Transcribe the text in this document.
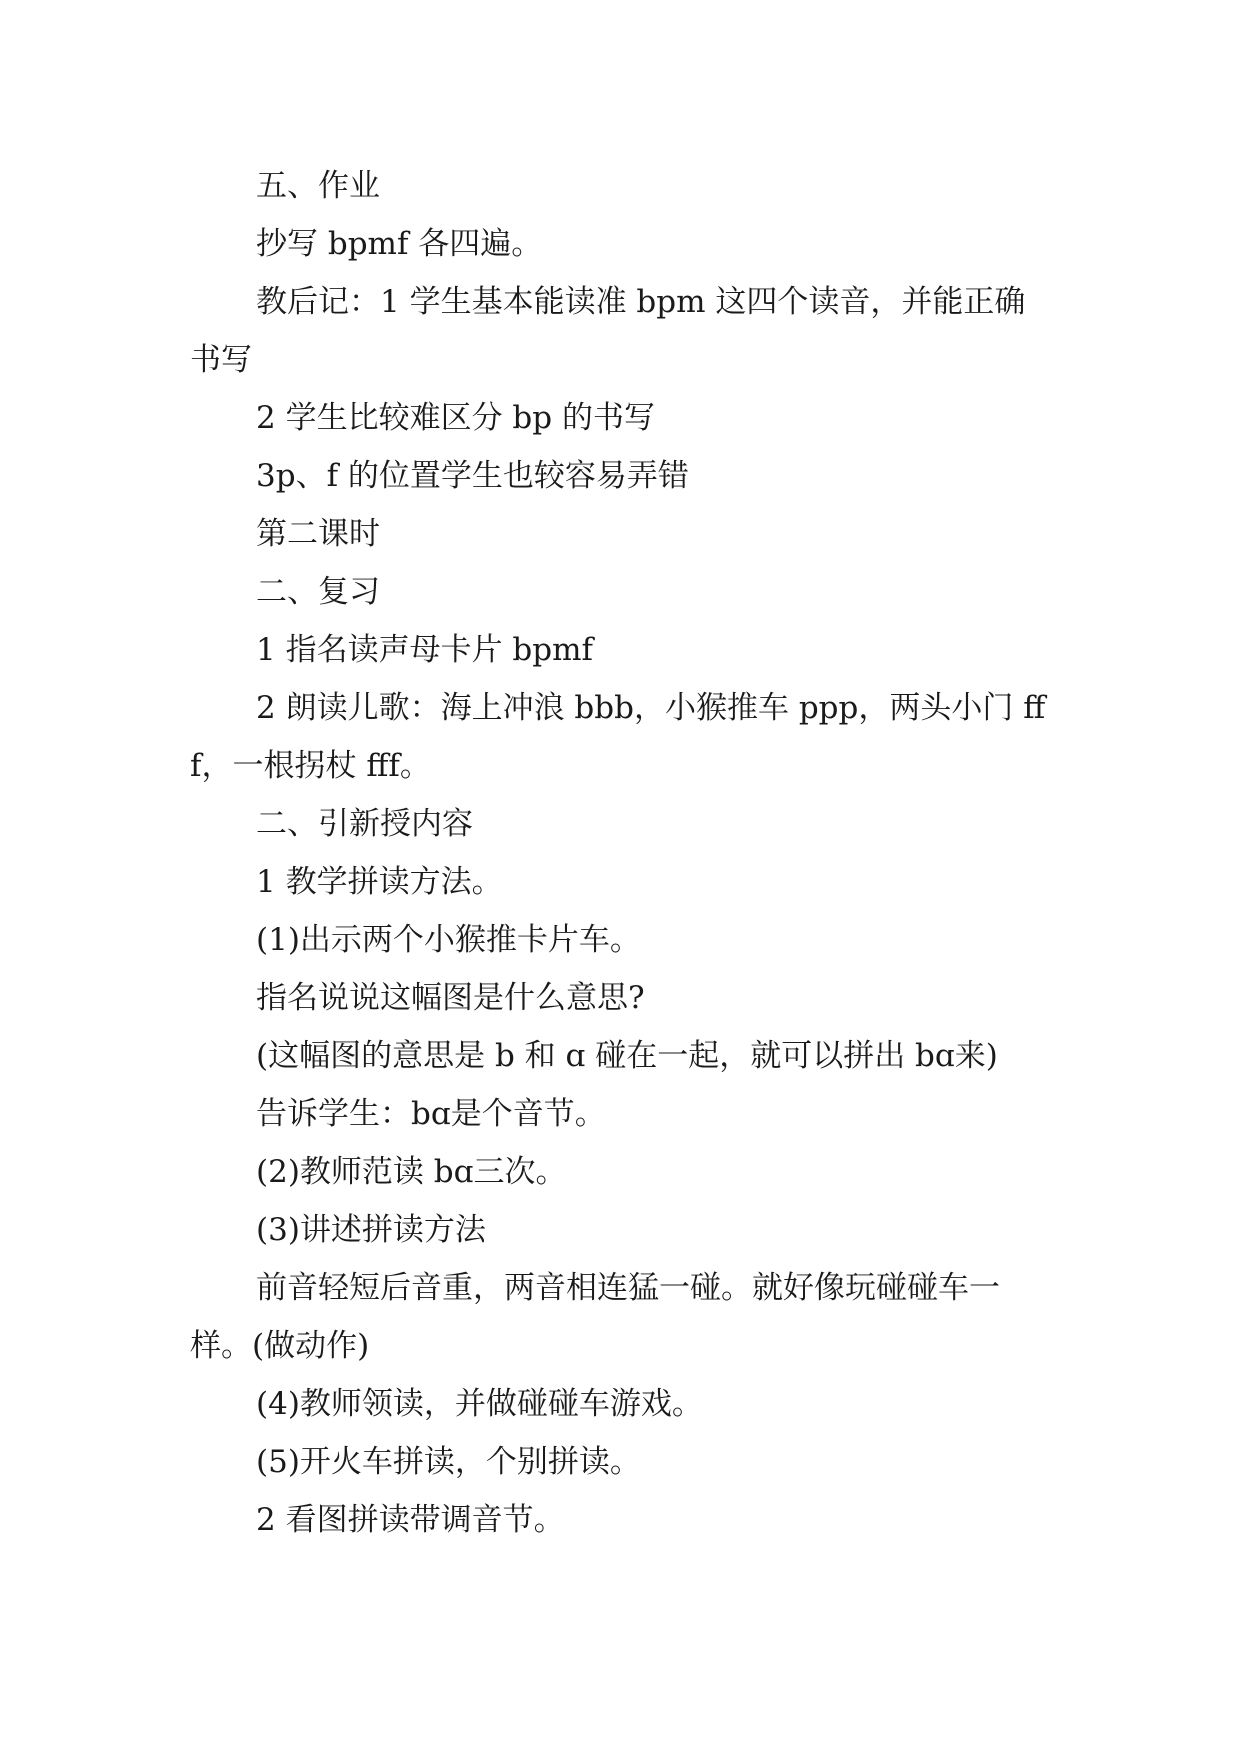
五、作业

抄写 bpmf 各四遍。

教后记：1 学生基本能读准 bpm 这四个读音，并能正确书写

2 学生比较难区分 bp 的书写

3p、f 的位置学生也较容易弄错

第二课时

二、复习

1 指名读声母卡片 bpmf

2 朗读儿歌：海上冲浪 bbb，小猴推车 ppp，两头小门 fff，一根拐杖 fff。

二、引新授内容

1 教学拼读方法。

(1)出示两个小猴推卡片车。

指名说说这幅图是什么意思?

(这幅图的意思是 b 和 ɑ 碰在一起，就可以拼出 bɑ来)

告诉学生：bɑ是个音节。

(2)教师范读 bɑ三次。

(3)讲述拼读方法

前音轻短后音重，两音相连猛一碰。就好像玩碰碰车一样。(做动作)

(4)教师领读，并做碰碰车游戏。

(5)开火车拼读，个别拼读。

2 看图拼读带调音节。
